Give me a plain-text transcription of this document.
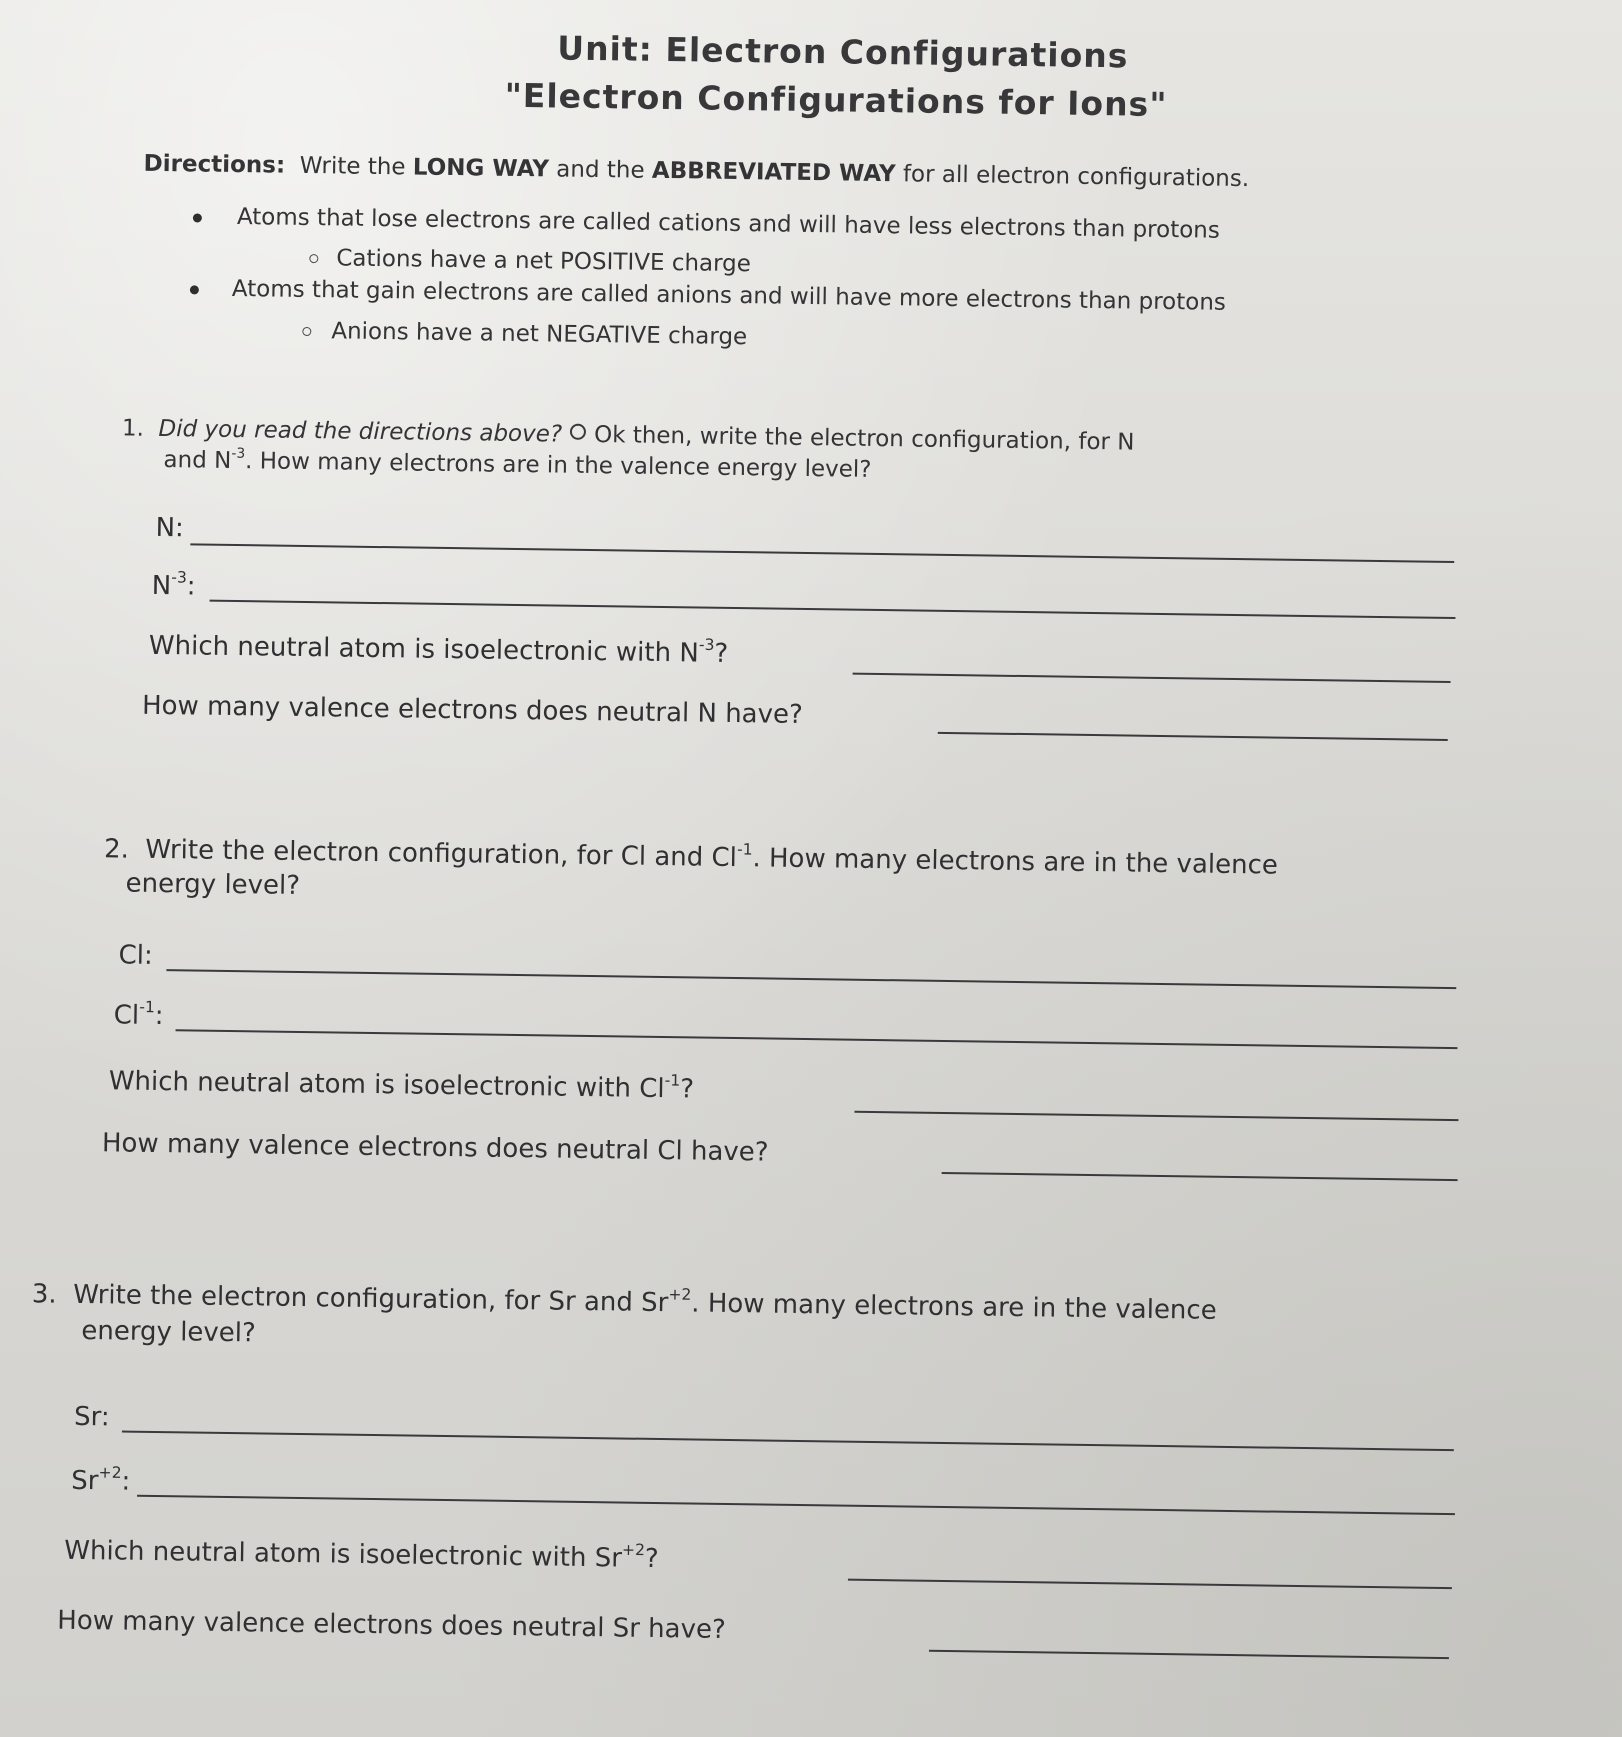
Unit: Electron Configurations
"Electron Configurations for Ions"
Directions: Write the LONG WAY and the ABBREVIATED WAY for all electron configurations.
Atoms that lose electrons are called cations and will have less electrons than protons
Cations have a net POSITIVE charge
Atoms that gain electrons are called anions and will have more electrons than protons
Anions have a net NEGATIVE charge
1. Did you read the directions above? Ok then, write the electron configuration, for N
and $N^{-3}$. How many electrons are in the valence energy level?
N:
$N^{-3}$:
Which neutral atom is isoelectronic with $N^{-3}$?
How many valence electrons does neutral N have?
2. Write the electron configuration, for Cl and $Cl^{-1}$. How many electrons are in the valence
energy level?
Cl:
$Cl^{-1}$:
Which neutral atom is isoelectronic with $Cl^{-1}$?
How many valence electrons does neutral Cl have?
3. Write the electron configuration, for Sr and $Sr^{+2}$. How many electrons are in the valence
energy level?
Sr:
$Sr^{+2}$:
Which neutral atom is isoelectronic with $Sr^{+2}$?
How many valence electrons does neutral Sr have?
